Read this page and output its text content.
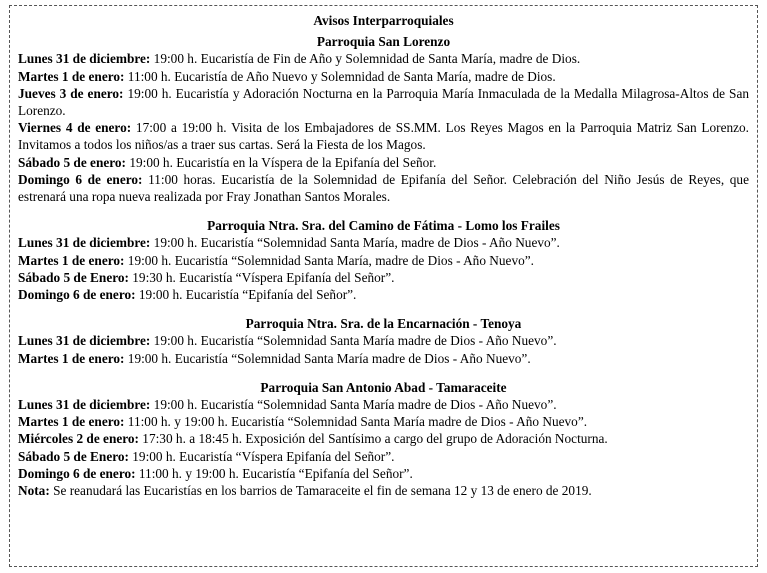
Avisos Interparroquiales
Parroquia San Lorenzo

Lunes 31 de diciembre: 19:00 h. Eucaristía de Fin de Año y Solemnidad de Santa María, madre de Dios.

Martes 1 de enero: 11:00 h. Eucaristía de Año Nuevo y Solemnidad de Santa María, madre de Dios.

Jueves 3 de enero: 19:00 h. Eucaristía y Adoración Nocturna en la Parroquia María Inmaculada de la Medalla Milagrosa-Altos de San Lorenzo.

Viernes 4 de enero: 17:00 a 19:00 h. Visita de los Embajadores de SS.MM. Los Reyes Magos en la Parroquia Matriz San Lorenzo. Invitamos a todos los niños/as a traer sus cartas. Será la Fiesta de los Magos.

Sábado 5 de enero: 19:00 h. Eucaristía en la Víspera de la Epifanía del Señor.

Domingo 6 de enero: 11:00 horas. Eucaristía de la Solemnidad de Epifanía del Señor. Celebración del Niño Jesús de Reyes, que estrenará una ropa nueva realizada por Fray Jonathan Santos Morales.

Parroquia Ntra. Sra. del Camino de Fátima - Lomo los Frailes

Lunes 31 de diciembre: 19:00 h. Eucaristía “Solemnidad Santa María, madre de Dios - Año Nuevo”.

Martes 1 de enero: 19:00 h. Eucaristía “Solemnidad Santa María, madre de Dios - Año Nuevo”.

Sábado 5 de Enero: 19:30 h. Eucaristía “Víspera Epifanía del Señor”.

Domingo 6 de enero: 19:00 h. Eucaristía “Epifanía del Señor”.

Parroquia Ntra. Sra. de la Encarnación - Tenoya

Lunes 31 de diciembre: 19:00 h. Eucaristía “Solemnidad Santa María madre de Dios - Año Nuevo”.

Martes 1 de enero: 19:00 h. Eucaristía “Solemnidad Santa María madre de Dios - Año Nuevo”.

Parroquia San Antonio Abad - Tamaraceite

Lunes 31 de diciembre: 19:00 h. Eucaristía “Solemnidad Santa María madre de Dios - Año Nuevo”.

Martes 1 de enero: 11:00 h. y 19:00 h. Eucaristía “Solemnidad Santa María madre de Dios - Año Nuevo”.

Miércoles 2 de enero: 17:30 h. a 18:45 h. Exposición del Santísimo a cargo del grupo de Adoración Nocturna.

Sábado 5 de Enero: 19:00 h. Eucaristía “Víspera Epifanía del Señor”.

Domingo 6 de enero: 11:00 h. y 19:00 h. Eucaristía “Epifanía del Señor”.

Nota: Se reanudará las Eucaristías en los barrios de Tamaraceite el fin de semana 12 y 13 de enero de 2019.
